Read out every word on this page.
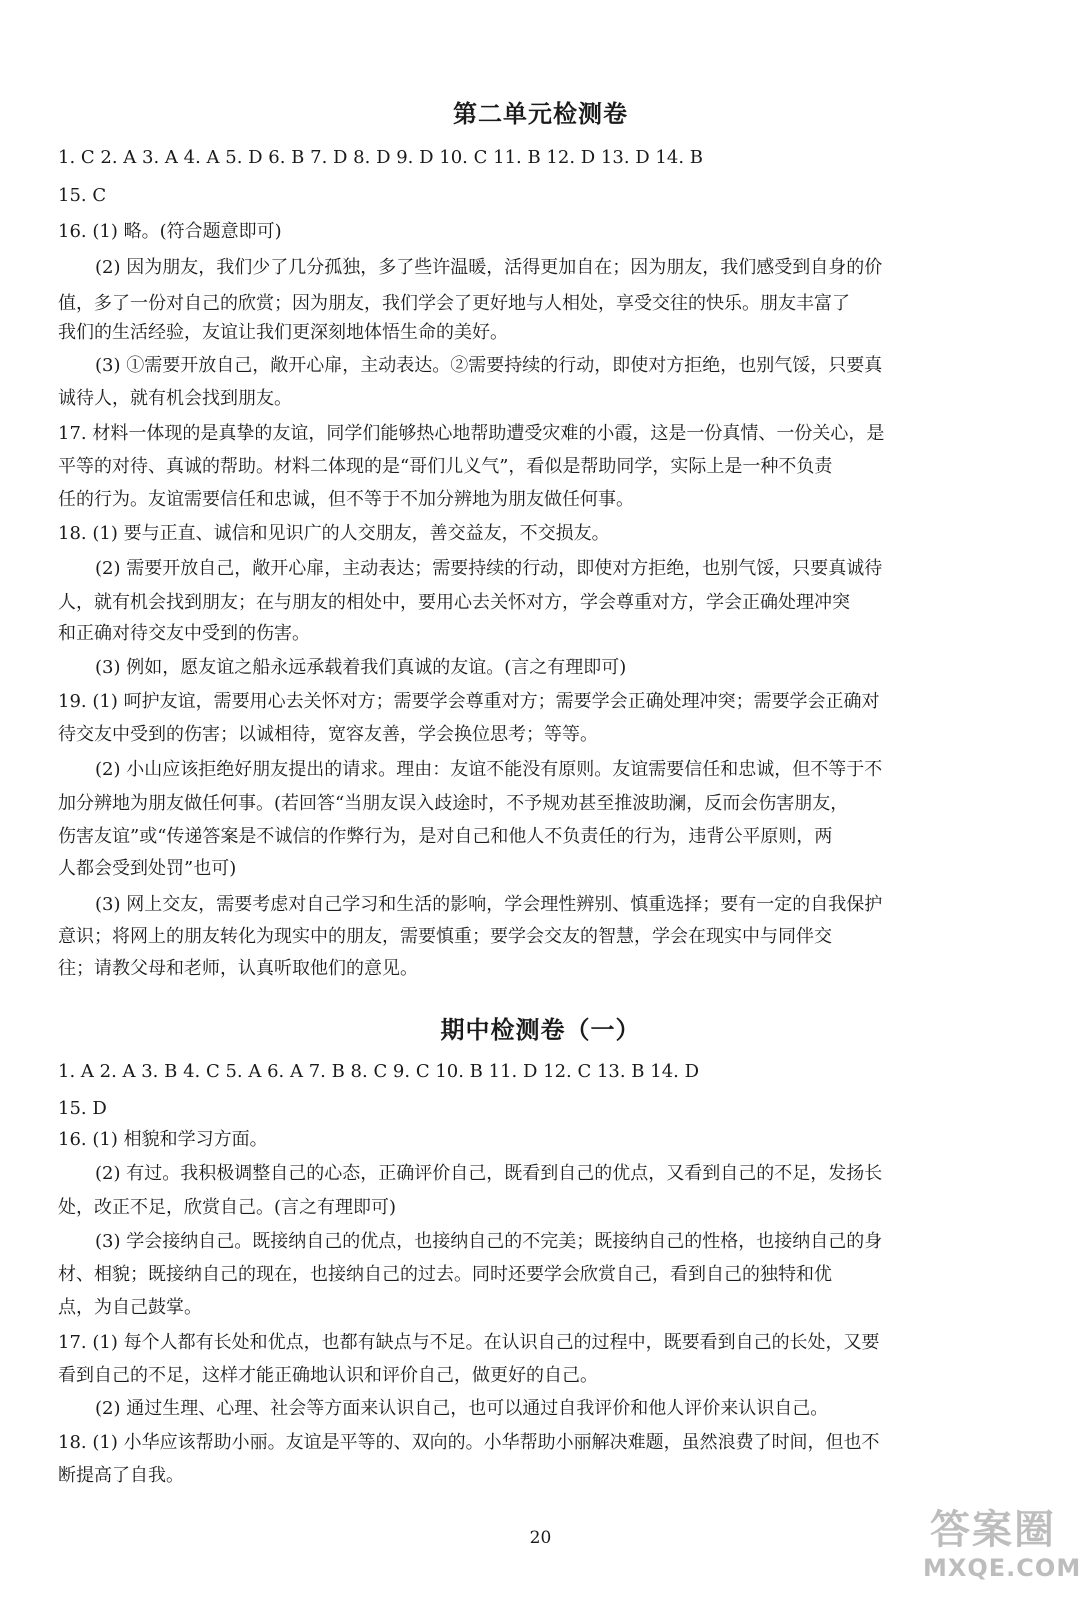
第二单元检测卷
1. C 2. A 3. A 4. A 5. D 6. B 7. D 8. D 9. D 10. C 11. B 12. D 13. D 14. B
15. C
16. (1) 略。(符合题意即可)
(2) 因为朋友，我们少了几分孤独，多了些许温暖，活得更加自在；因为朋友，我们感受到自身的价
值，多了一份对自己的欣赏；因为朋友，我们学会了更好地与人相处，享受交往的快乐。朋友丰富了
我们的生活经验，友谊让我们更深刻地体悟生命的美好。
(3) ①需要开放自己，敞开心扉，主动表达。②需要持续的行动，即使对方拒绝，也别气馁，只要真
诚待人，就有机会找到朋友。
17. 材料一体现的是真挚的友谊，同学们能够热心地帮助遭受灾难的小霞，这是一份真情、一份关心，是
平等的对待、真诚的帮助。材料二体现的是“哥们儿义气”，看似是帮助同学，实际上是一种不负责
任的行为。友谊需要信任和忠诚，但不等于不加分辨地为朋友做任何事。
18. (1) 要与正直、诚信和见识广的人交朋友，善交益友，不交损友。
(2) 需要开放自己，敞开心扉，主动表达；需要持续的行动，即使对方拒绝，也别气馁，只要真诚待
人，就有机会找到朋友；在与朋友的相处中，要用心去关怀对方，学会尊重对方，学会正确处理冲突
和正确对待交友中受到的伤害。
(3) 例如，愿友谊之船永远承载着我们真诚的友谊。(言之有理即可)
19. (1) 呵护友谊，需要用心去关怀对方；需要学会尊重对方；需要学会正确处理冲突；需要学会正确对
待交友中受到的伤害；以诚相待，宽容友善，学会换位思考；等等。
(2) 小山应该拒绝好朋友提出的请求。理由：友谊不能没有原则。友谊需要信任和忠诚，但不等于不
加分辨地为朋友做任何事。(若回答“当朋友误入歧途时，不予规劝甚至推波助澜，反而会伤害朋友，
伤害友谊”或“传递答案是不诚信的作弊行为，是对自己和他人不负责任的行为，违背公平原则，两
人都会受到处罚”也可)
(3) 网上交友，需要考虑对自己学习和生活的影响，学会理性辨别、慎重选择；要有一定的自我保护
意识；将网上的朋友转化为现实中的朋友，需要慎重；要学会交友的智慧，学会在现实中与同伴交
往；请教父母和老师，认真听取他们的意见。
期中检测卷（一）
1. A 2. A 3. B 4. C 5. A 6. A 7. B 8. C 9. C 10. B 11. D 12. C 13. B 14. D
15. D
16. (1) 相貌和学习方面。
(2) 有过。我积极调整自己的心态，正确评价自己，既看到自己的优点，又看到自己的不足，发扬长
处，改正不足，欣赏自己。(言之有理即可)
(3) 学会接纳自己。既接纳自己的优点，也接纳自己的不完美；既接纳自己的性格，也接纳自己的身
材、相貌；既接纳自己的现在，也接纳自己的过去。同时还要学会欣赏自己，看到自己的独特和优
点，为自己鼓掌。
17. (1) 每个人都有长处和优点，也都有缺点与不足。在认识自己的过程中，既要看到自己的长处，又要
看到自己的不足，这样才能正确地认识和评价自己，做更好的自己。
(2) 通过生理、心理、社会等方面来认识自己，也可以通过自我评价和他人评价来认识自己。
18. (1) 小华应该帮助小丽。友谊是平等的、双向的。小华帮助小丽解决难题，虽然浪费了时间，但也不
断提高了自我。
20	答案圈
MXQE.COM
